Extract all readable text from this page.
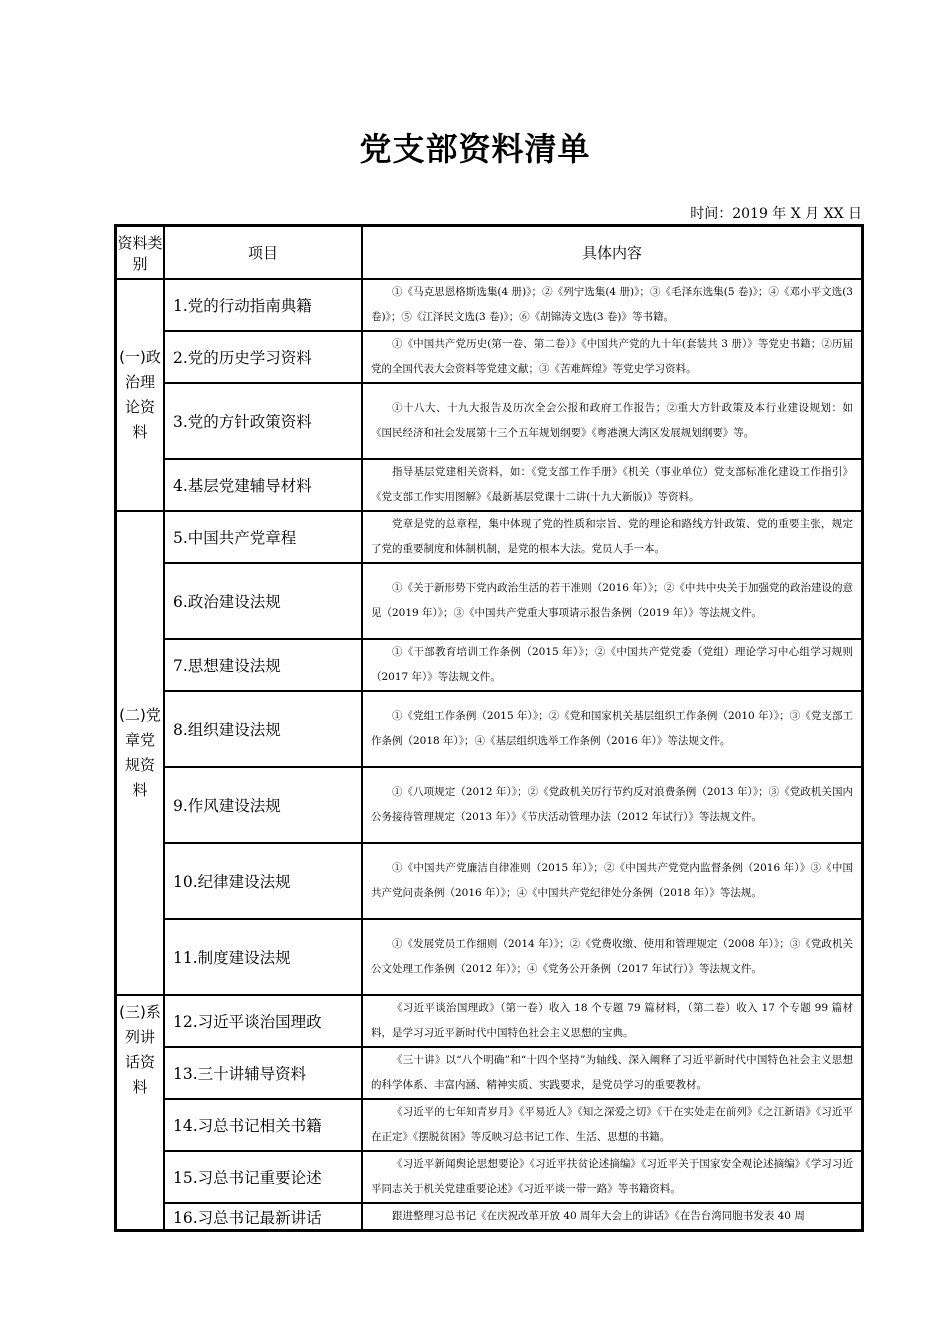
党支部资料清单
时间：2019 年 X 月 XX 日
资料类别	项目	具体内容
(一)政治理论资料	1.党的行动指南典籍	①《马克思恩格斯选集(4 册)》；②《列宁选集(4 册)》；③《毛泽东选集(5 卷)》；④《邓小平文选(3 卷)》；⑤《江泽民文选(3 卷)》；⑥《胡锦涛文选(3 卷)》等书籍。
	2.党的历史学习资料	①《中国共产党历史(第一卷、第二卷）》《中国共产党的九十年(套装共 3 册）》等党史书籍；②历届党的全国代表大会资料等党建文献；③《苦难辉煌》等党史学习资料。
	3.党的方针政策资料	①十八大、十九大报告及历次全会公报和政府工作报告；②重大方针政策及本行业建设规划：如《国民经济和社会发展第十三个五年规划纲要》《粤港澳大湾区发展规划纲要》等。
	4.基层党建辅导材料	指导基层党建相关资料，如：《党支部工作手册》《机关（事业单位）党支部标准化建设工作指引》《党支部工作实用图解》《最新基层党课十二讲(十九大新版)》等资料。
(二)党章党规资料	5.中国共产党章程	党章是党的总章程，集中体现了党的性质和宗旨、党的理论和路线方针政策、党的重要主张，规定了党的重要制度和体制机制，是党的根本大法。党员人手一本。
	6.政治建设法规	①《关于新形势下党内政治生活的若干准则（2016 年）》；②《中共中央关于加强党的政治建设的意见（2019 年）》；③《中国共产党重大事项请示报告条例（2019 年）》等法规文件。
	7.思想建设法规	①《干部教育培训工作条例（2015 年）》；②《中国共产党党委（党组）理论学习中心组学习规则（2017 年）》等法规文件。
	8.组织建设法规	①《党组工作条例（2015 年）》；②《党和国家机关基层组织工作条例（2010 年）》；③《党支部工作条例（2018 年）》；④《基层组织选举工作条例（2016 年）》等法规文件。
	9.作风建设法规	①《八项规定（2012 年）》；②《党政机关厉行节约反对浪费条例（2013 年）》；③《党政机关国内公务接待管理规定（2013 年）》《节庆活动管理办法（2012 年试行）》等法规文件。
	10.纪律建设法规	①《中国共产党廉洁自律准则（2015 年）》；②《中国共产党党内监督条例（2016 年）》③《中国共产党问责条例（2016 年）》；④《中国共产党纪律处分条例（2018 年）》等法规。
	11.制度建设法规	①《发展党员工作细则（2014 年）》；②《党费收缴、使用和管理规定（2008 年）》；③《党政机关公文处理工作条例（2012 年）》；④《党务公开条例（2017 年试行）》等法规文件。
(三)系列讲话资料	12.习近平谈治国理政	《习近平谈治国理政》（第一卷）收入 18 个专题 79 篇材料，（第二卷）收入 17 个专题 99 篇材料，是学习习近平新时代中国特色社会主义思想的宝典。
	13.三十讲辅导资料	《三十讲》以“八个明确”和“十四个坚持”为轴线、深入阐释了习近平新时代中国特色社会主义思想的科学体系、丰富内涵、精神实质、实践要求，是党员学习的重要教材。
	14.习总书记相关书籍	《习近平的七年知青岁月》《平易近人》《知之深爱之切》《干在实处走在前列》《之江新语》《习近平在正定》《摆脱贫困》等反映习总书记工作、生活、思想的书籍。
	15.习总书记重要论述	《习近平新闻舆论思想要论》《习近平扶贫论述摘编》《习近平关于国家安全观论述摘编》《学习习近平同志关于机关党建重要论述》《习近平谈一带一路》等书籍资料。
	16.习总书记最新讲话	跟进整理习总书记《在庆祝改革开放 40 周年大会上的讲话》《在告台湾同胞书发表 40 周
